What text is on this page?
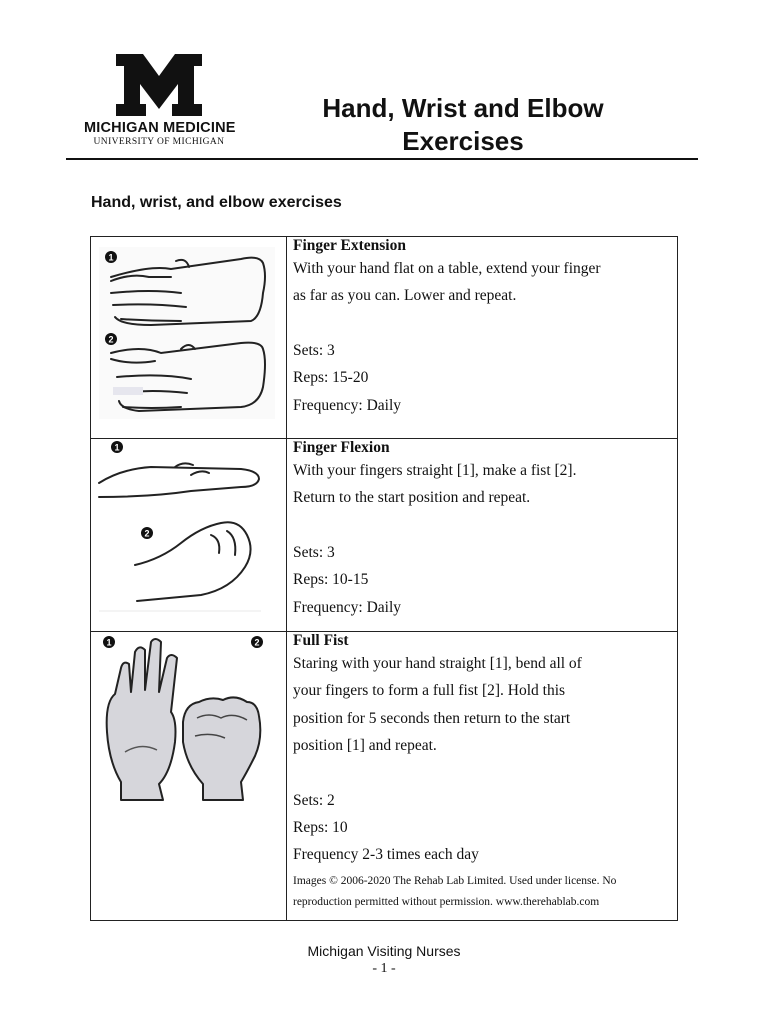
MICHIGAN MEDICINE
UNIVERSITY OF MICHIGAN
Hand, Wrist and Elbow
Exercises
Hand, wrist, and elbow exercises
1
2
Finger Extension
With your hand flat on a table, extend your finger
as far as you can. Lower and repeat.
Sets: 3
Reps: 15-20
Frequency: Daily
1
2
Finger Flexion
With your fingers straight [1], make a fist [2].
Return to the start position and repeat.
Sets: 3
Reps: 10-15
Frequency: Daily
1	2 Full Fist
Staring with your hand straight [1], bend all of
your fingers to form a full fist [2]. Hold this
position for 5 seconds then return to the start
position [1] and repeat.
Sets: 2
Reps: 10
Frequency 2-3 times each day
Images © 2006-2020 The Rehab Lab Limited. Used under license. No
reproduction permitted without permission. www.therehablab.com
Michigan Visiting Nurses
- 1 -
